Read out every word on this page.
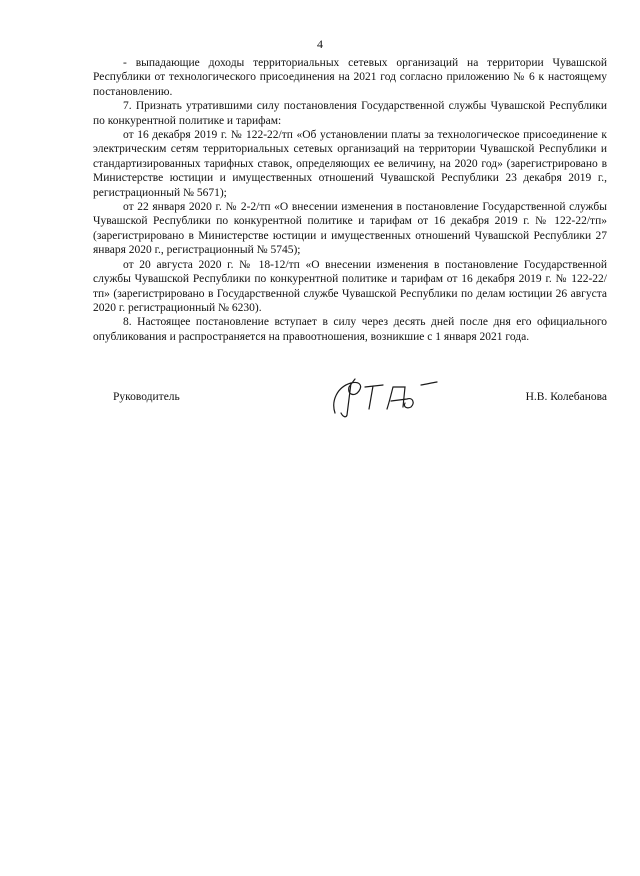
4

- выпадающие доходы территориальных сетевых организаций на территории Чувашской Республики от технологического присоединения на 2021 год согласно приложению № 6 к настоящему постановлению.

7. Признать утратившими силу постановления Государственной службы Чувашской Республики по конкурентной политике и тарифам:

от 16 декабря 2019 г. № 122-22/тп «Об установлении платы за технологическое присоединение к электрическим сетям территориальных сетевых организаций на территории Чувашской Республики и стандартизированных тарифных ставок, определяющих ее величину, на 2020 год» (зарегистрировано в Министерстве юстиции и имущественных отношений Чувашской Республики 23 декабря 2019 г., регистрационный № 5671);

от 22 января 2020 г. № 2-2/тп «О внесении изменения в постановление Государственной службы Чувашской Республики по конкурентной политике и тарифам от 16 декабря 2019 г. № 122-22/тп» (зарегистрировано в Министерстве юстиции и имущественных отношений Чувашской Республики 27 января 2020 г., регистрационный № 5745);

от 20 августа 2020 г. № 18-12/тп «О внесении изменения в постановление Государственной службы Чувашской Республики по конкурентной политике и тарифам от 16 декабря 2019 г. № 122-22/тп» (зарегистрировано в Государственной службе Чувашской Республики по делам юстиции 26 августа 2020 г. регистрационный № 6230).

8. Настоящее постановление вступает в силу через десять дней после дня его официального опубликования и распространяется на правоотношения, возникшие с 1 января 2021 года.

Руководитель	Н.В. Колебанова
